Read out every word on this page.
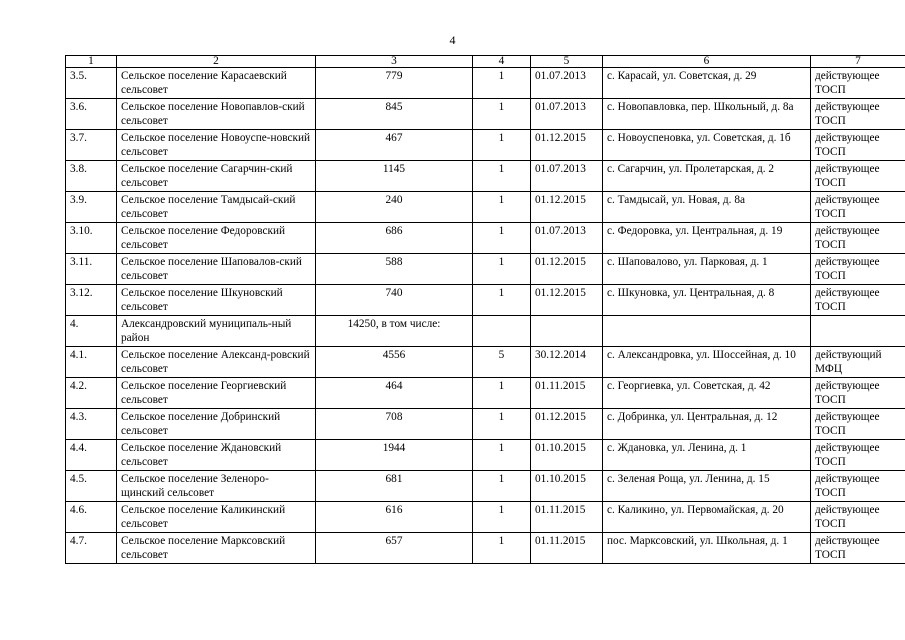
4
1	2	3	4	5	6	7
3.5.	Сельское поселение Карасаевский сельсовет	779	1	01.07.2013	с. Карасай, ул. Советская, д. 29	действующее ТОСП
3.6.	Сельское поселение Новопавлов-ский сельсовет	845	1	01.07.2013	с. Новопавловка, пер. Школьный, д. 8а	действующее ТОСП
3.7.	Сельское поселение Новоуспе-новский сельсовет	467	1	01.12.2015	с. Новоуспеновка, ул. Советская, д. 1б	действующее ТОСП
3.8.	Сельское поселение Сагарчин-ский сельсовет	1145	1	01.07.2013	с. Сагарчин, ул. Пролетарская, д. 2	действующее ТОСП
3.9.	Сельское поселение Тамдысай-ский сельсовет	240	1	01.12.2015	с. Тамдысай, ул. Новая, д. 8а	действующее ТОСП
3.10.	Сельское поселение Федоровский сельсовет	686	1	01.07.2013	с. Федоровка, ул. Центральная, д. 19	действующее ТОСП
3.11.	Сельское поселение Шаповалов-ский сельсовет	588	1	01.12.2015	с. Шаповалово, ул. Парковая, д. 1	действующее ТОСП
3.12.	Сельское поселение Шкуновский сельсовет	740	1	01.12.2015	с. Шкуновка, ул. Центральная, д. 8	действующее ТОСП
4.	Александровский муниципаль-ный район	14250, в том числе:				
4.1.	Сельское поселение Александ-ровский сельсовет	4556	5	30.12.2014	с. Александровка, ул. Шоссейная, д. 10	действующий МФЦ
4.2.	Сельское поселение Георгиевский сельсовет	464	1	01.11.2015	с. Георгиевка, ул. Советская, д. 42	действующее ТОСП
4.3.	Сельское поселение Добринский сельсовет	708	1	01.12.2015	с. Добринка, ул. Центральная, д. 12	действующее ТОСП
4.4.	Сельское поселение Ждановский сельсовет	1944	1	01.10.2015	с. Ждановка, ул. Ленина, д. 1	действующее ТОСП
4.5.	Сельское поселение Зеленоро-щинский сельсовет	681	1	01.10.2015	с. Зеленая Роща, ул. Ленина, д. 15	действующее ТОСП
4.6.	Сельское поселение Каликинский сельсовет	616	1	01.11.2015	с. Каликино, ул. Первомайская, д. 20	действующее ТОСП
4.7.	Сельское поселение Марксовский сельсовет	657	1	01.11.2015	пос. Марксовский, ул. Школьная, д. 1	действующее ТОСП
